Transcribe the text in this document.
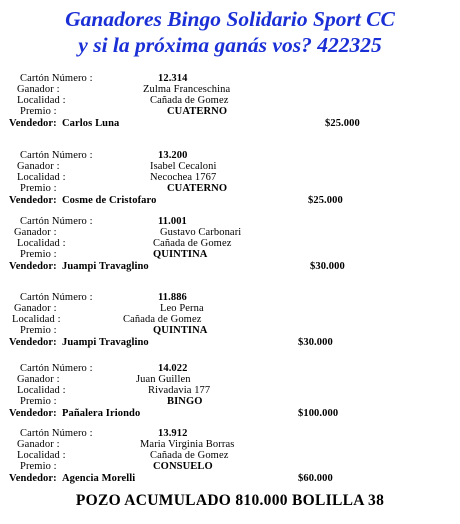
Ganadores Bingo Solidario Sport CC
y si la próxima ganás vos? 422325
Cartón Número :	12.314
Ganador :	Zulma Franceschina
Localidad :	Cañada de Gomez
Premio :	CUATERNO
Vendedor: Carlos Luna	$25.000
Cartón Número :	13.200
Ganador :	Isabel Cecaloni
Localidad :	Necochea 1767
Premio :	CUATERNO
Vendedor: Cosme de Cristofaro	$25.000
Cartón Número :	11.001
Ganador :	Gustavo Carbonari
Localidad :	Cañada de Gomez
Premio :	QUINTINA
Vendedor: Juampi Travaglino	$30.000
Cartón Número :	11.886
Ganador :	Leo Perna
Localidad :	Cañada de Gomez
Premio :	QUINTINA
Vendedor: Juampi Travaglino	$30.000
Cartón Número :	14.022
Ganador :	Juan Guillen
Localidad :	Rivadavia 177
Premio :	BINGO
Vendedor: Pañalera Iriondo	$100.000
Cartón Número :	13.912
Ganador :	Maria Virginia Borras
Localidad :	Cañada de Gomez
Premio :	CONSUELO
Vendedor: Agencia Morelli	$60.000
POZO ACUMULADO 810.000 BOLILLA 38
